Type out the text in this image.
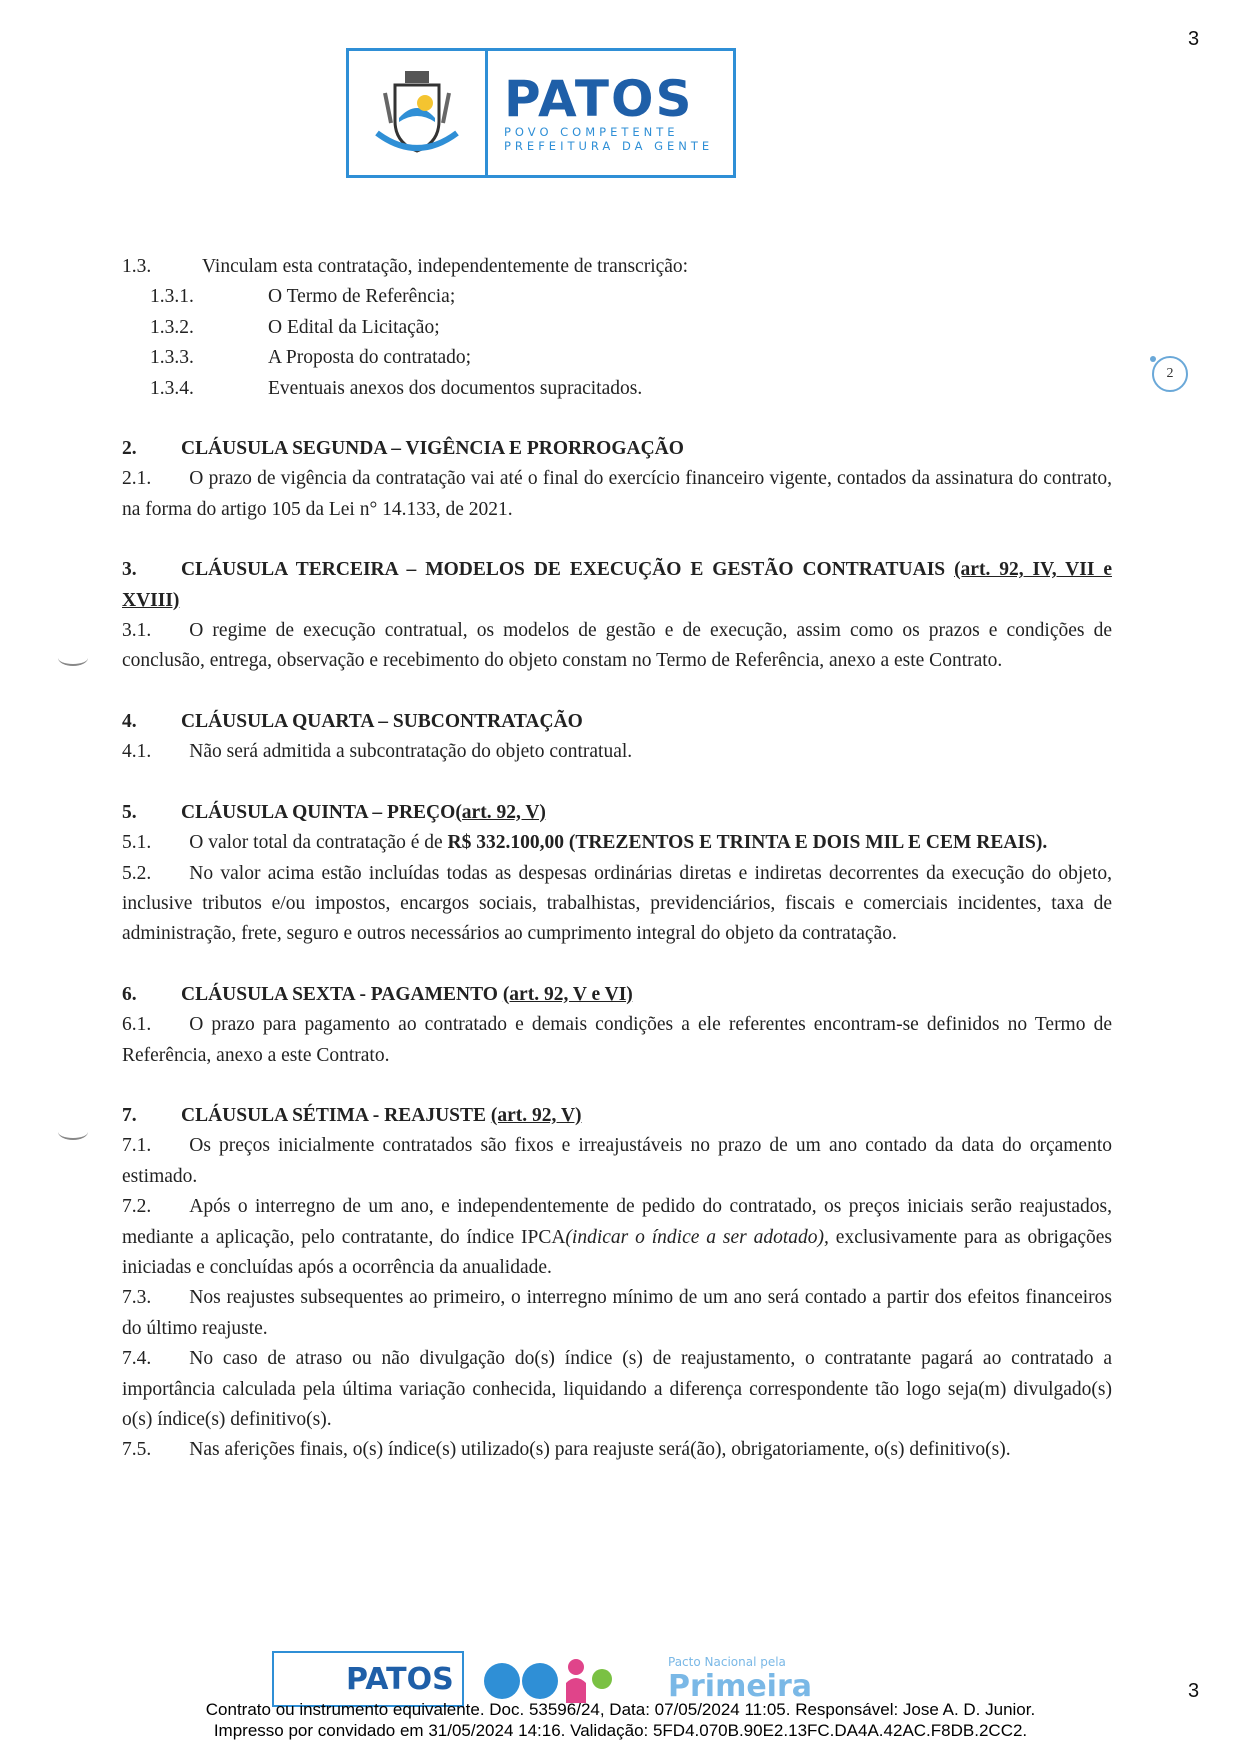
3
PATOS
POVO COMPETENTE
PREFEITURA DA GENTE
2

1.3.	Vinculam esta contratação, independentemente de transcrição:

1.3.1.	O Termo de Referência;

1.3.2.	O Edital da Licitação;

1.3.3.	A Proposta do contratado;

1.3.4.	Eventuais anexos dos documentos supracitados.

2. CLÁUSULA SEGUNDA – VIGÊNCIA E PRORROGAÇÃO

2.1. O prazo de vigência da contratação vai até o final do exercício financeiro vigente, contados da assinatura do contrato, na forma do artigo 105 da Lei n° 14.133, de 2021.

3. CLÁUSULA TERCEIRA – MODELOS DE EXECUÇÃO E GESTÃO CONTRATUAIS (art. 92, IV, VII e XVIII)

3.1. O regime de execução contratual, os modelos de gestão e de execução, assim como os prazos e condições de conclusão, entrega, observação e recebimento do objeto constam no Termo de Referência, anexo a este Contrato.

4. CLÁUSULA QUARTA – SUBCONTRATAÇÃO

4.1. Não será admitida a subcontratação do objeto contratual.

5. CLÁUSULA QUINTA – PREÇO(art. 92, V)

5.1. O valor total da contratação é de R$ 332.100,00 (TREZENTOS E TRINTA E DOIS MIL E CEM REAIS).

5.2. No valor acima estão incluídas todas as despesas ordinárias diretas e indiretas decorrentes da execução do objeto, inclusive tributos e/ou impostos, encargos sociais, trabalhistas, previdenciários, fiscais e comerciais incidentes, taxa de administração, frete, seguro e outros necessários ao cumprimento integral do objeto da contratação.

6. CLÁUSULA SEXTA - PAGAMENTO (art. 92, V e VI)

6.1. O prazo para pagamento ao contratado e demais condições a ele referentes encontram-se definidos no Termo de Referência, anexo a este Contrato.

7. CLÁUSULA SÉTIMA - REAJUSTE (art. 92, V)

7.1. Os preços inicialmente contratados são fixos e irreajustáveis no prazo de um ano contado da data do orçamento estimado.

7.2. Após o interregno de um ano, e independentemente de pedido do contratado, os preços iniciais serão reajustados, mediante a aplicação, pelo contratante, do índice IPCA(indicar o índice a ser adotado), exclusivamente para as obrigações iniciadas e concluídas após a ocorrência da anualidade.

7.3. Nos reajustes subsequentes ao primeiro, o interregno mínimo de um ano será contado a partir dos efeitos financeiros do último reajuste.

7.4. No caso de atraso ou não divulgação do(s) índice (s) de reajustamento, o contratante pagará ao contratado a importância calculada pela última variação conhecida, liquidando a diferença correspondente tão logo seja(m) divulgado(s) o(s) índice(s) definitivo(s).

7.5. Nas aferições finais, o(s) índice(s) utilizado(s) para reajuste será(ão), obrigatoriamente, o(s) definitivo(s).

PATOS	Pacto Nacional pela
Primeira	3
Contrato ou instrumento equivalente. Doc. 53596/24, Data: 07/05/2024 11:05. Responsável: Jose A. D. Junior.
Impresso por convidado em 31/05/2024 14:16. Validação: 5FD4.070B.90E2.13FC.DA4A.42AC.F8DB.2CC2.
